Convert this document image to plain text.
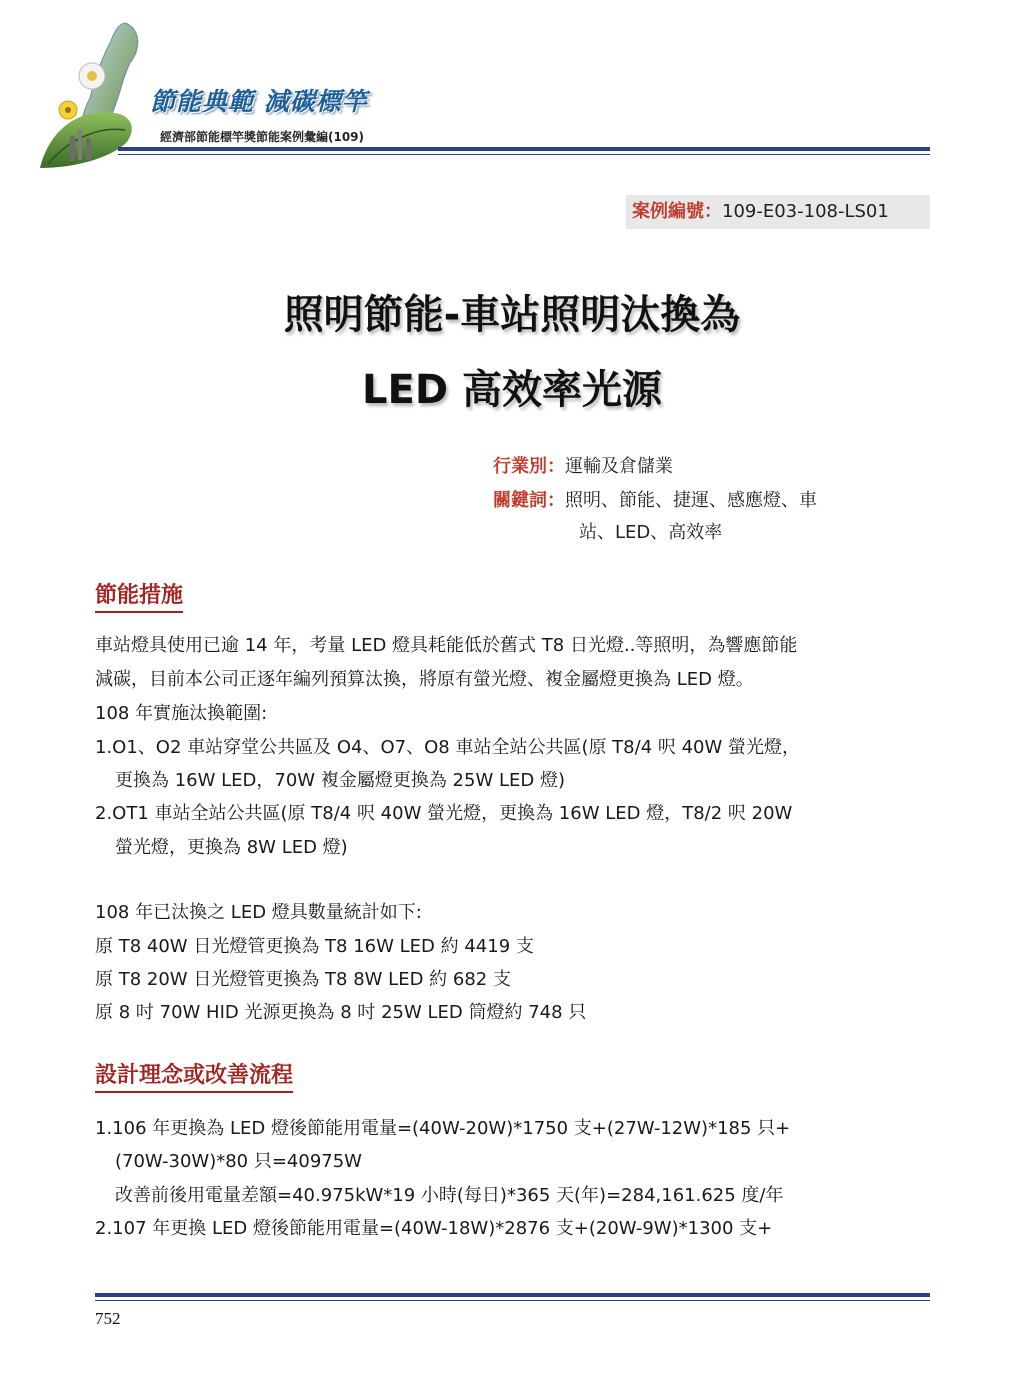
節能典範 減碳標竿
經濟部節能標竿獎節能案例彙編(109)
案例編號：109-E03-108-LS01
照明節能-車站照明汰換為
LED 高效率光源
行業別：運輸及倉儲業
關鍵詞：照明、節能、捷運、感應燈、車
站、LED、高效率
節能措施
車站燈具使用已逾 14 年，考量 LED 燈具耗能低於舊式 T8 日光燈..等照明，為響應節能
減碳，目前本公司正逐年編列預算汰換，將原有螢光燈、複金屬燈更換為 LED 燈。
108 年實施汰換範圍:
1.O1、O2 車站穿堂公共區及 O4、O7、O8 車站全站公共區(原 T8/4 呎 40W 螢光燈，
更換為 16W LED，70W 複金屬燈更換為 25W LED 燈)
2.OT1 車站全站公共區(原 T8/4 呎 40W 螢光燈，更換為 16W LED 燈，T8/2 呎 20W
螢光燈，更換為 8W LED 燈)
108 年已汰換之 LED 燈具數量統計如下:
原 T8 40W 日光燈管更換為 T8 16W LED 約 4419 支
原 T8 20W 日光燈管更換為 T8 8W LED 約 682 支
原 8 吋 70W HID 光源更換為 8 吋 25W LED 筒燈約 748 只
設計理念或改善流程
1.106 年更換為 LED 燈後節能用電量=(40W-20W)*1750 支+(27W-12W)*185 只+
(70W-30W)*80 只=40975W
改善前後用電量差額=40.975kW*19 小時(每日)*365 天(年)=284,161.625 度/年
2.107 年更換 LED 燈後節能用電量=(40W-18W)*2876 支+(20W-9W)*1300 支+
752
